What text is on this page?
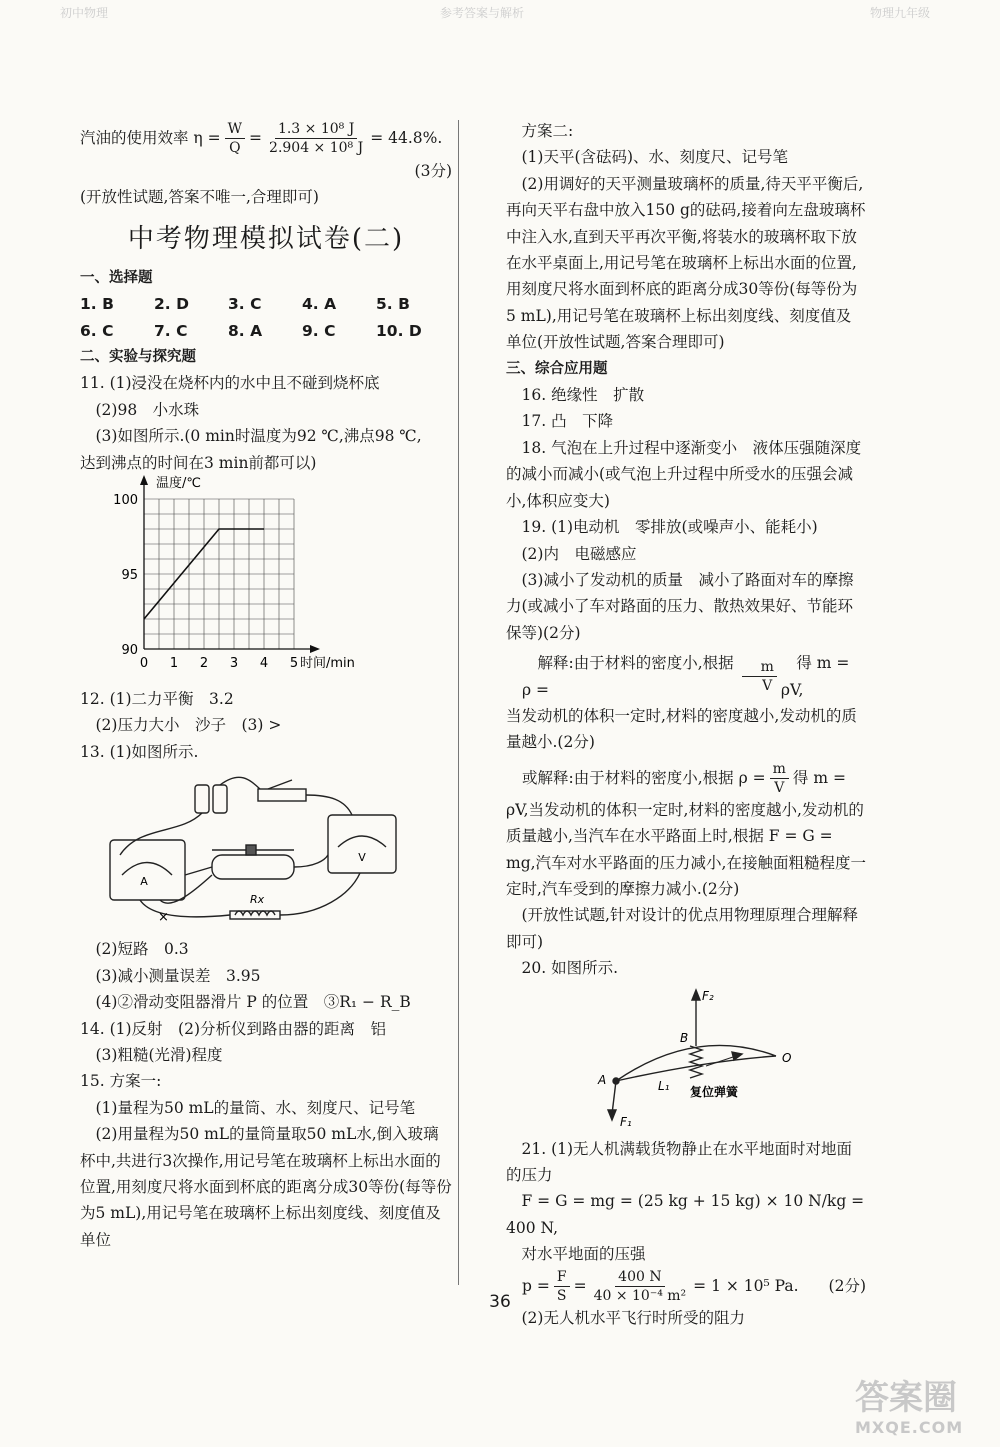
初中物理	参考答案与解析	物理九年级
汽油的使用效率 $\eta = \frac{W}{Q} = \frac{\text{1.3 × 10⁸ J}}{\text{2.904 × 10⁸ J}} = 44.8\%$.

(3分)

(开放性试题,答案不唯一,合理即可)

中考物理模拟试卷(二)

一、选择题

1. B	2. D	3. C	4. A	5. B
6. C	7. C	8. A	9. C	10. D

二、实验与探究题

11. (1)浸没在烧杯内的水中且不碰到烧杯底

(2)98　小水珠

(3)如图所示.(0 min时温度为92 ℃,沸点98 ℃,

达到沸点的时间在3 min前都可以)

温度/℃
时间/min
100
95
90
0 1 2 3 4 5

12. (1)二力平衡　3.2

(2)压力大小　沙子　(3) >

13. (1)如图所示.

A
V
Rx
×

(2)短路　0.3

(3)减小测量误差　3.95

(4)②滑动变阻器滑片 P 的位置　③R₁ − R_B

14. (1)反射　(2)分析仪到路由器的距离　铝

(3)粗糙(光滑)程度

15. 方案一:

(1)量程为50 mL的量筒、水、刻度尺、记号笔

(2)用量程为50 mL的量筒量取50 mL水,倒入玻璃杯中,共进行3次操作,用记号笔在玻璃杯上标出水面的位置,用刻度尺将水面到杯底的距离分成30等份(每等份为5 mL),用记号笔在玻璃杯上标出刻度线、刻度值及单位

方案二:

(1)天平(含砝码)、水、刻度尺、记号笔

(2)用调好的天平测量玻璃杯的质量,待天平平衡后,再向天平右盘中放入150 g的砝码,接着向左盘玻璃杯中注入水,直到天平再次平衡,将装水的玻璃杯取下放在水平桌面上,用记号笔在玻璃杯上标出水面的位置,用刻度尺将水面到杯底的距离分成30等份(每等份为5 mL),用记号笔在玻璃杯上标出刻度线、刻度值及单位(开放性试题,答案合理即可)

三、综合应用题

16. 绝缘性　扩散

17. 凸　下降

18. 气泡在上升过程中逐渐变小　液体压强随深度的减小而减小(或气泡上升过程中所受水的压强会减小,体积应变大)

19. (1)电动机　零排放(或噪声小、能耗小)

(2)内　电磁感应

(3)减小了发动机的质量　减小了路面对车的摩擦力(或减小了车对路面的压力、散热效果好、节能环保等)(2分)

解释:由于材料的密度小,根据 ρ =	$\frac{m}{V}$	得 m = ρV,

当发动机的体积一定时,材料的密度越小,发动机的质量越小.(2分)

或解释:由于材料的密度小,根据 $\rho = \frac{m}{V}$ 得 m =

ρV,当发动机的体积一定时,材料的密度越小,发动机的质量越小,当汽车在水平路面上时,根据 F = G = mg,汽车对水平路面的压力减小,在接触面粗糙程度一定时,汽车受到的摩擦力减小.(2分)

(开放性试题,针对设计的优点用物理原理合理解释即可)

20. 如图所示.

F₂
F₁
B
O
A	L₁ 复位弹簧

21. (1)无人机满载货物静止在水平地面时对地面的压力

F = G = mg = (25 kg + 15 kg) × 10 N/kg = 400 N,

对水平地面的压强

$p = \frac{F}{S} = \frac{400 N}{\text{40 × 10⁻⁴ m²}} = 1 \times 10^5$ Pa. (2分)

(2)无人机水平飞行时所受的阻力

36
答案圈
MXQE.COM
